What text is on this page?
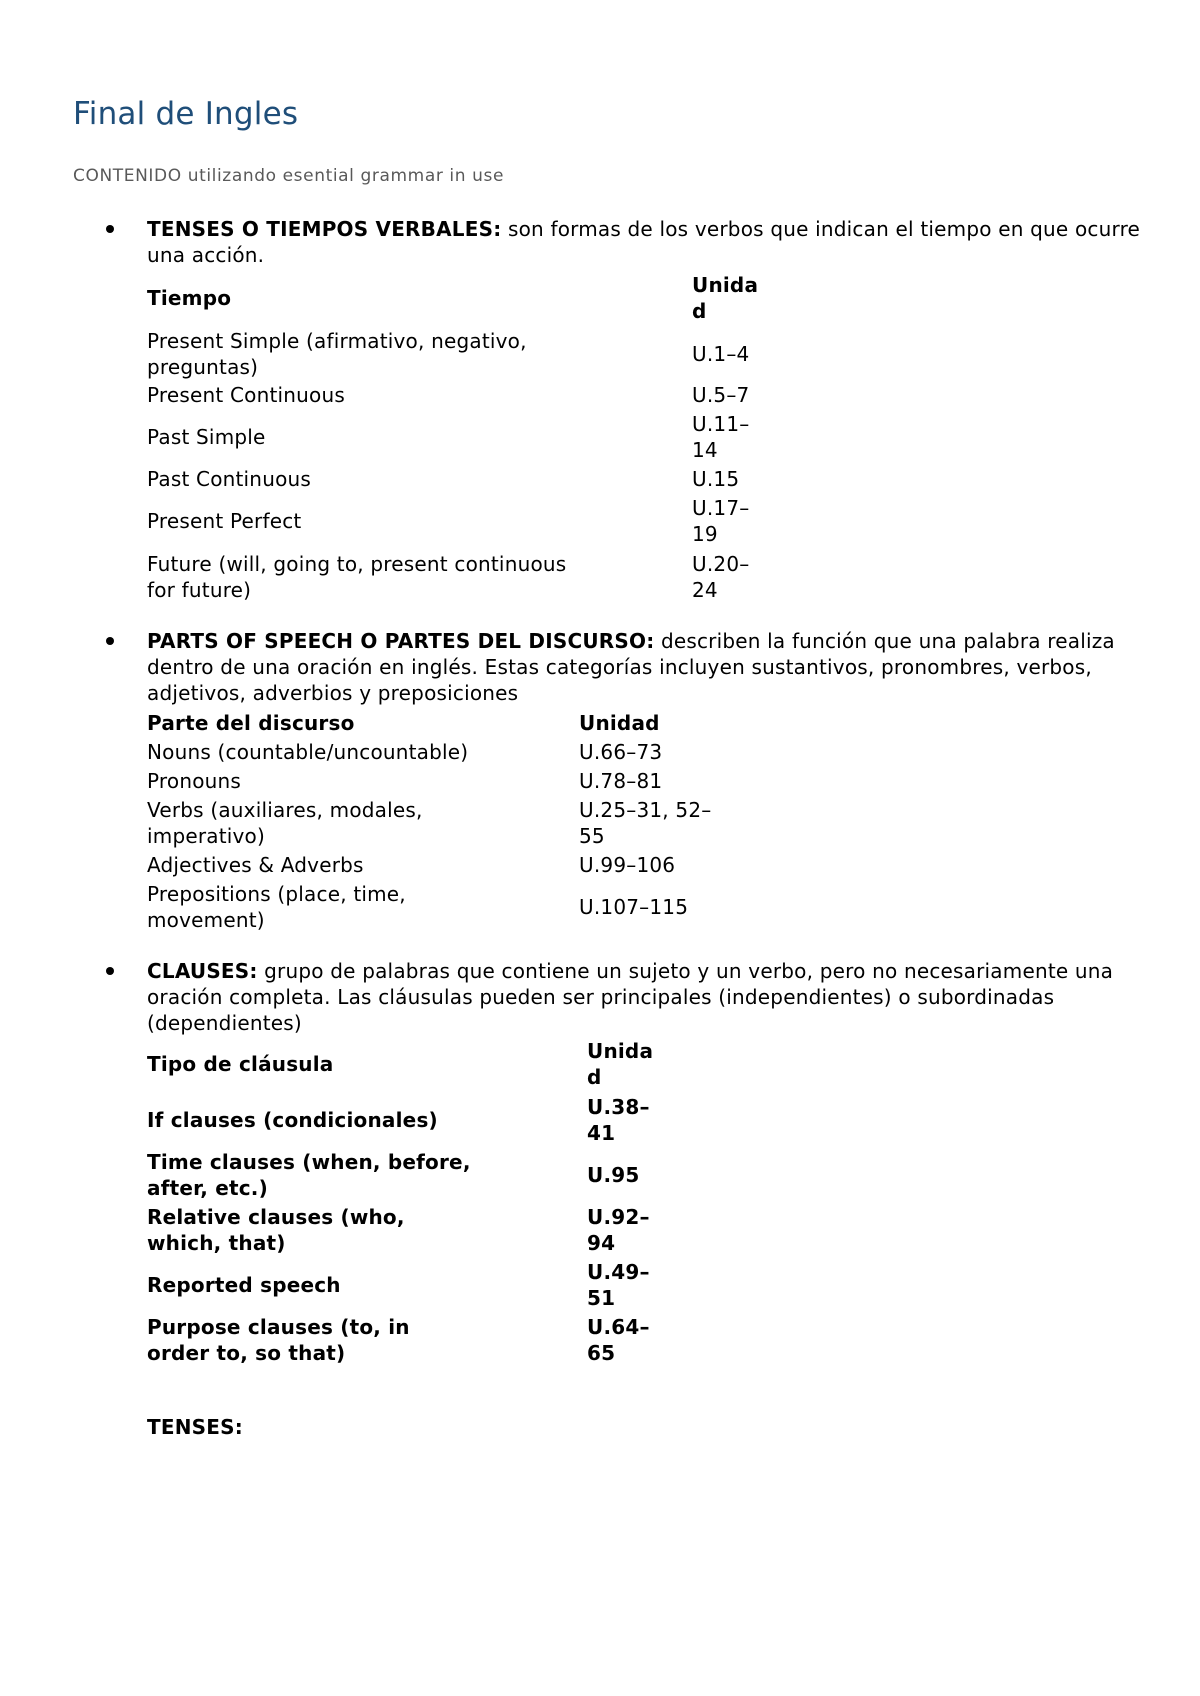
Final de Ingles
CONTENIDO utilizando esential grammar in use
TENSES O TIEMPOS VERBALES: son formas de los verbos que indican el tiempo en que ocurre una acción.
Tiempo	Unida
d
Present Simple (afirmativo, negativo,
preguntas)	U.1–4
Present Continuous	U.5–7
Past Simple	U.11–
14
Past Continuous	U.15
Present Perfect	U.17–
19
Future (will, going to, present continuous
for future)	U.20–
24
PARTS OF SPEECH O PARTES DEL DISCURSO: describen la función que una palabra realiza dentro de una oración en inglés. Estas categorías incluyen sustantivos, pronombres, verbos, adjetivos, adverbios y preposiciones
Parte del discurso	Unidad
Nouns (countable/uncountable)	U.66–73
Pronouns	U.78–81
Verbs (auxiliares, modales,
imperativo)	U.25–31, 52–
55
Adjectives & Adverbs	U.99–106
Prepositions (place, time,
movement)	U.107–115
CLAUSES: grupo de palabras que contiene un sujeto y un verbo, pero no necesariamente una oración completa. Las cláusulas pueden ser principales (independientes) o subordinadas (dependientes)
Tipo de cláusula	Unida
d
If clauses (condicionales)	U.38–
41
Time clauses (when, before,
after, etc.)	U.95
Relative clauses (who,
which, that)	U.92–
94
Reported speech	U.49–
51
Purpose clauses (to, in
order to, so that)	U.64–
65
TENSES:
